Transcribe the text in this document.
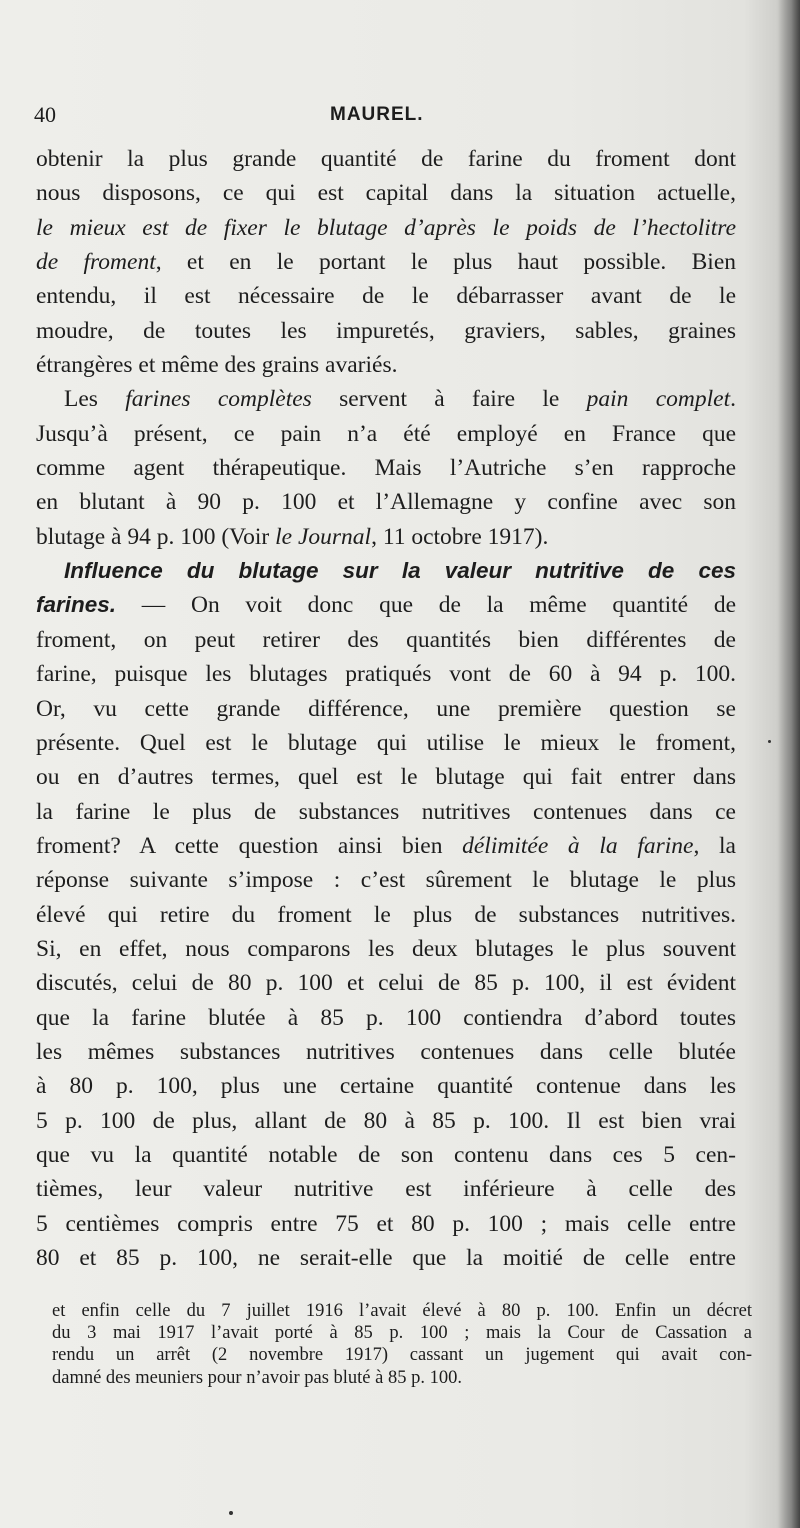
40	MAUREL.
obtenir la plus grande quantité de farine du froment dont
nous disposons, ce qui est capital dans la situation actuelle,
le mieux est de fixer le blutage d’après le poids de l’hectolitre
de froment, et en le portant le plus haut possible. Bien
entendu, il est nécessaire de le débarrasser avant de le
moudre, de toutes les impuretés, graviers, sables, graines
étrangères et même des grains avariés.
Les farines complètes servent à faire le pain complet.
Jusqu’à présent, ce pain n’a été employé en France que
comme agent thérapeutique. Mais l’Autriche s’en rapproche
en blutant à 90 p. 100 et l’Allemagne y confine avec son
blutage à 94 p. 100 (Voir le Journal, 11 octobre 1917).
Influence du blutage sur la valeur nutritive de ces
farines. — On voit donc que de la même quantité de
froment, on peut retirer des quantités bien différentes de
farine, puisque les blutages pratiqués vont de 60 à 94 p. 100.
Or, vu cette grande différence, une première question se
présente. Quel est le blutage qui utilise le mieux le froment,
ou en d’autres termes, quel est le blutage qui fait entrer dans
la farine le plus de substances nutritives contenues dans ce
froment? A cette question ainsi bien délimitée à la farine, la
réponse suivante s’impose : c’est sûrement le blutage le plus
élevé qui retire du froment le plus de substances nutritives.
Si, en effet, nous comparons les deux blutages le plus souvent
discutés, celui de 80 p. 100 et celui de 85 p. 100, il est évident
que la farine blutée à 85 p. 100 contiendra d’abord toutes
les mêmes substances nutritives contenues dans celle blutée
à 80 p. 100, plus une certaine quantité contenue dans les
5 p. 100 de plus, allant de 80 à 85 p. 100. Il est bien vrai
que vu la quantité notable de son contenu dans ces 5 cen-
tièmes, leur valeur nutritive est inférieure à celle des
5 centièmes compris entre 75 et 80 p. 100 ; mais celle entre
80 et 85 p. 100, ne serait-elle que la moitié de celle entre
et enfin celle du 7 juillet 1916 l’avait élevé à 80 p. 100. Enfin un décret
du 3 mai 1917 l’avait porté à 85 p. 100 ; mais la Cour de Cassation a
rendu un arrêt (2 novembre 1917) cassant un jugement qui avait con-
damné des meuniers pour n’avoir pas bluté à 85 p. 100.
